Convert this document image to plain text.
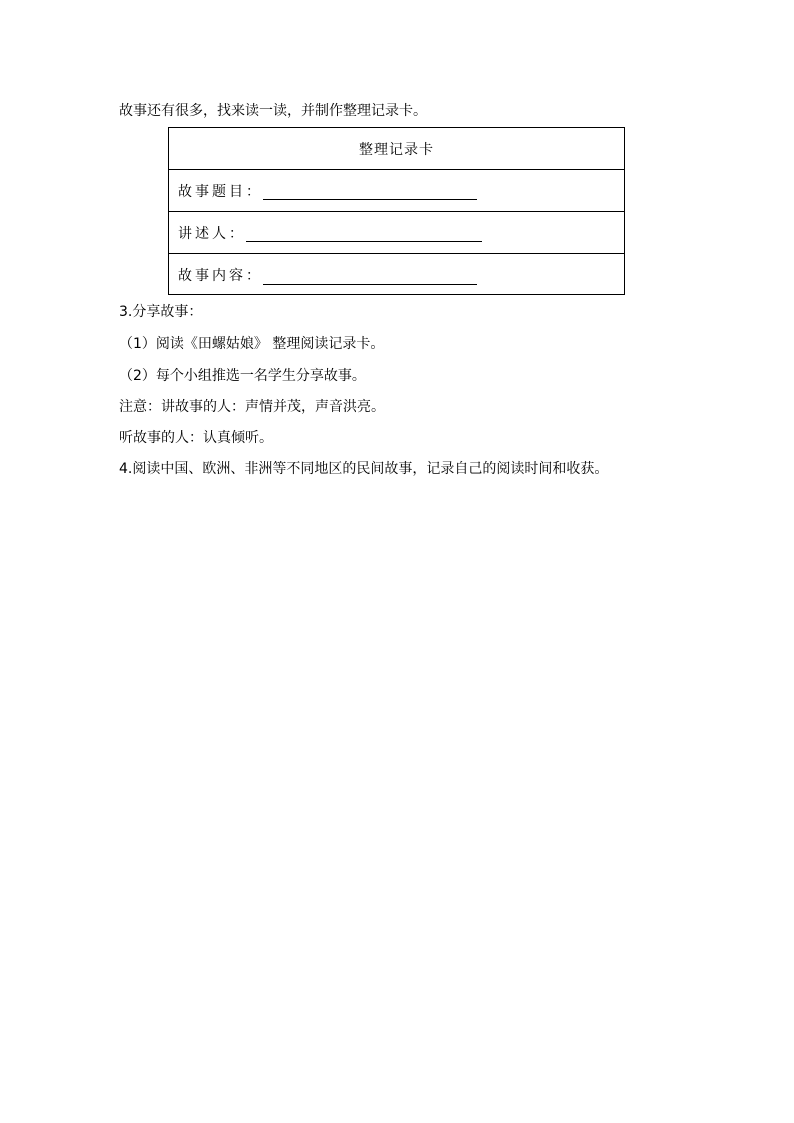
故事还有很多，找来读一读，并制作整理记录卡。
整理记录卡
故事题目：
讲述人：
故事内容：
3.分享故事：
（1）阅读《田螺姑娘》 整理阅读记录卡。
（2）每个小组推选一名学生分享故事。
注意：讲故事的人：声情并茂，声音洪亮。
听故事的人：认真倾听。
4.阅读中国、欧洲、非洲等不同地区的民间故事，记录自己的阅读时间和收获。
